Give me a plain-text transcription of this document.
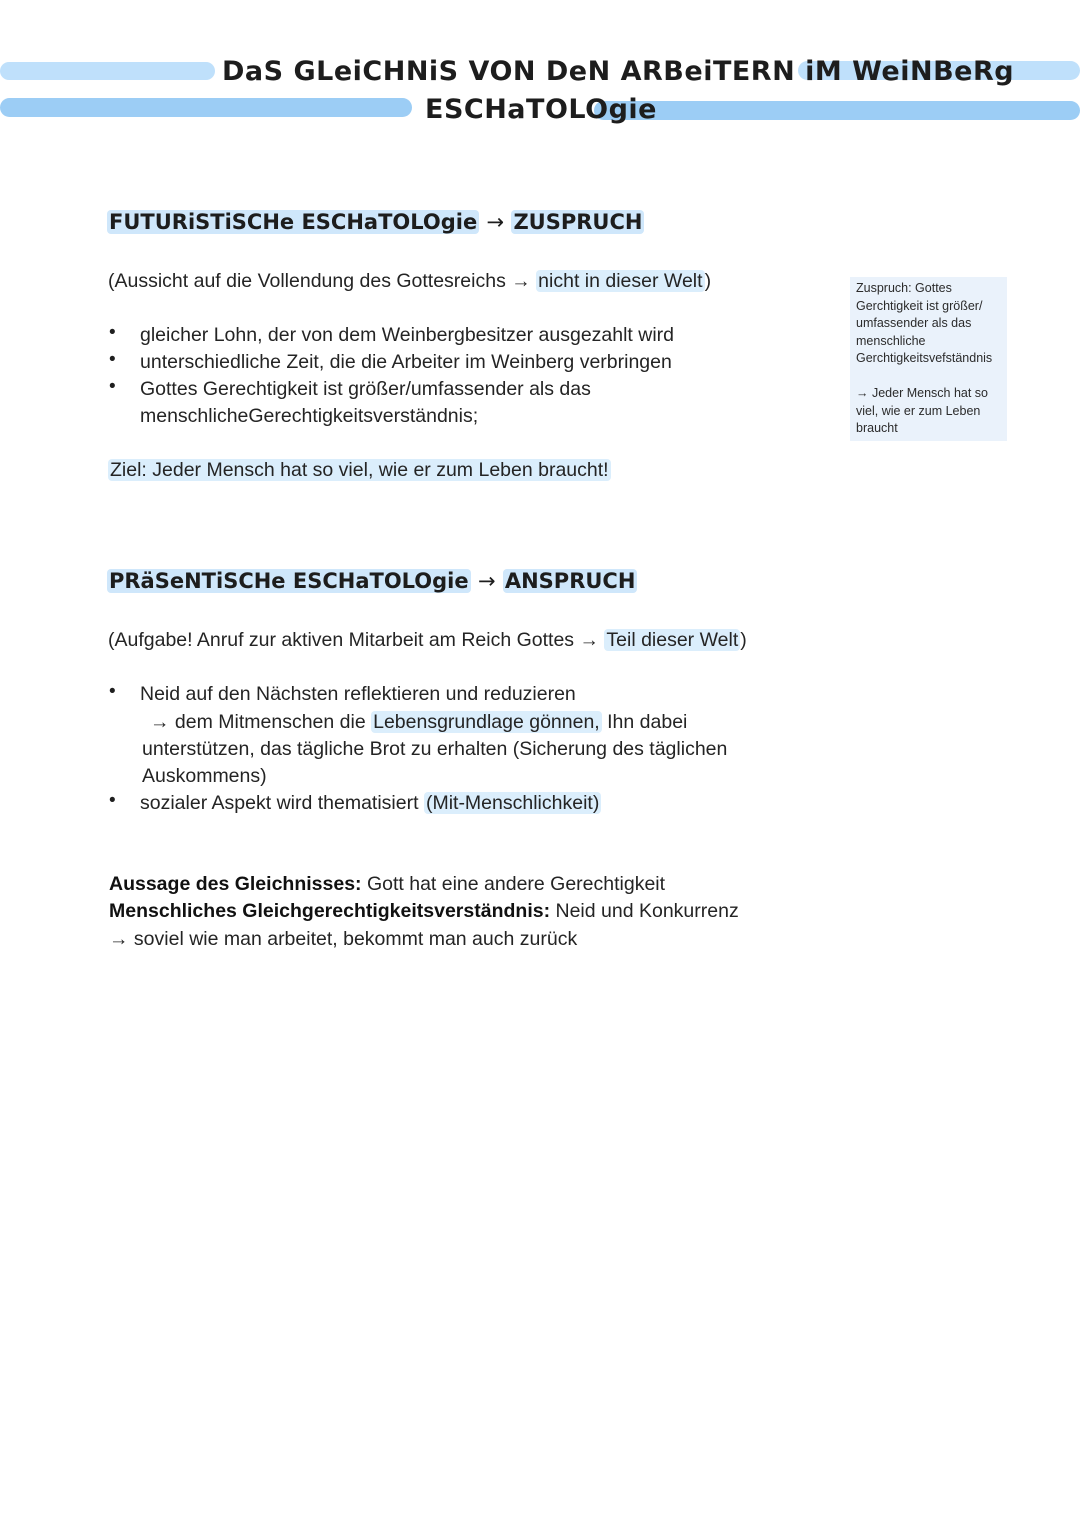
DaS GLeiCHNiS VON DeN ARBeiTERN iM WeiNBeRg
ESCHaTOLOgie
FUTURiSTiSCHe ESCHaTOLOgie → ZUSPRUCH
(Aussicht auf die Vollendung des Gottesreichs → nicht in dieser Welt )
• gleicher Lohn, der von dem Weinbergbesitzer ausgezahlt wird
• unterschiedliche Zeit, die die Arbeiter im Weinberg verbringen
• Gottes Gerechtigkeit ist größer/umfassender als das
menschlicheGerechtigkeitsverständnis;
Ziel: Jeder Mensch hat so viel, wie er zum Leben braucht!

Zuspruch: Gottes Gerchtigkeit ist größer/ umfassender als das menschliche Gerchtigkeitsvefständnis

→ Jeder Mensch hat so viel, wie er zum Leben braucht

PRäSeNTiSCHe ESCHaTOLOgie → ANSPRUCH
(Aufgabe! Anruf zur aktiven Mitarbeit am Reich Gottes → Teil dieser Welt )
• Neid auf den Nächsten reflektieren und reduzieren
→ dem Mitmenschen die Lebensgrundlage gönnen, Ihn dabei
unterstützen, das tägliche Brot zu erhalten (Sicherung des täglichen
Auskommens)
• sozialer Aspekt wird thematisiert (Mit-Menschlichkeit)
Aussage des Gleichnisses: Gott hat eine andere Gerechtigkeit
Menschliches Gleichgerechtigkeitsverständnis: Neid und Konkurrenz
→ soviel wie man arbeitet, bekommt man auch zurück
